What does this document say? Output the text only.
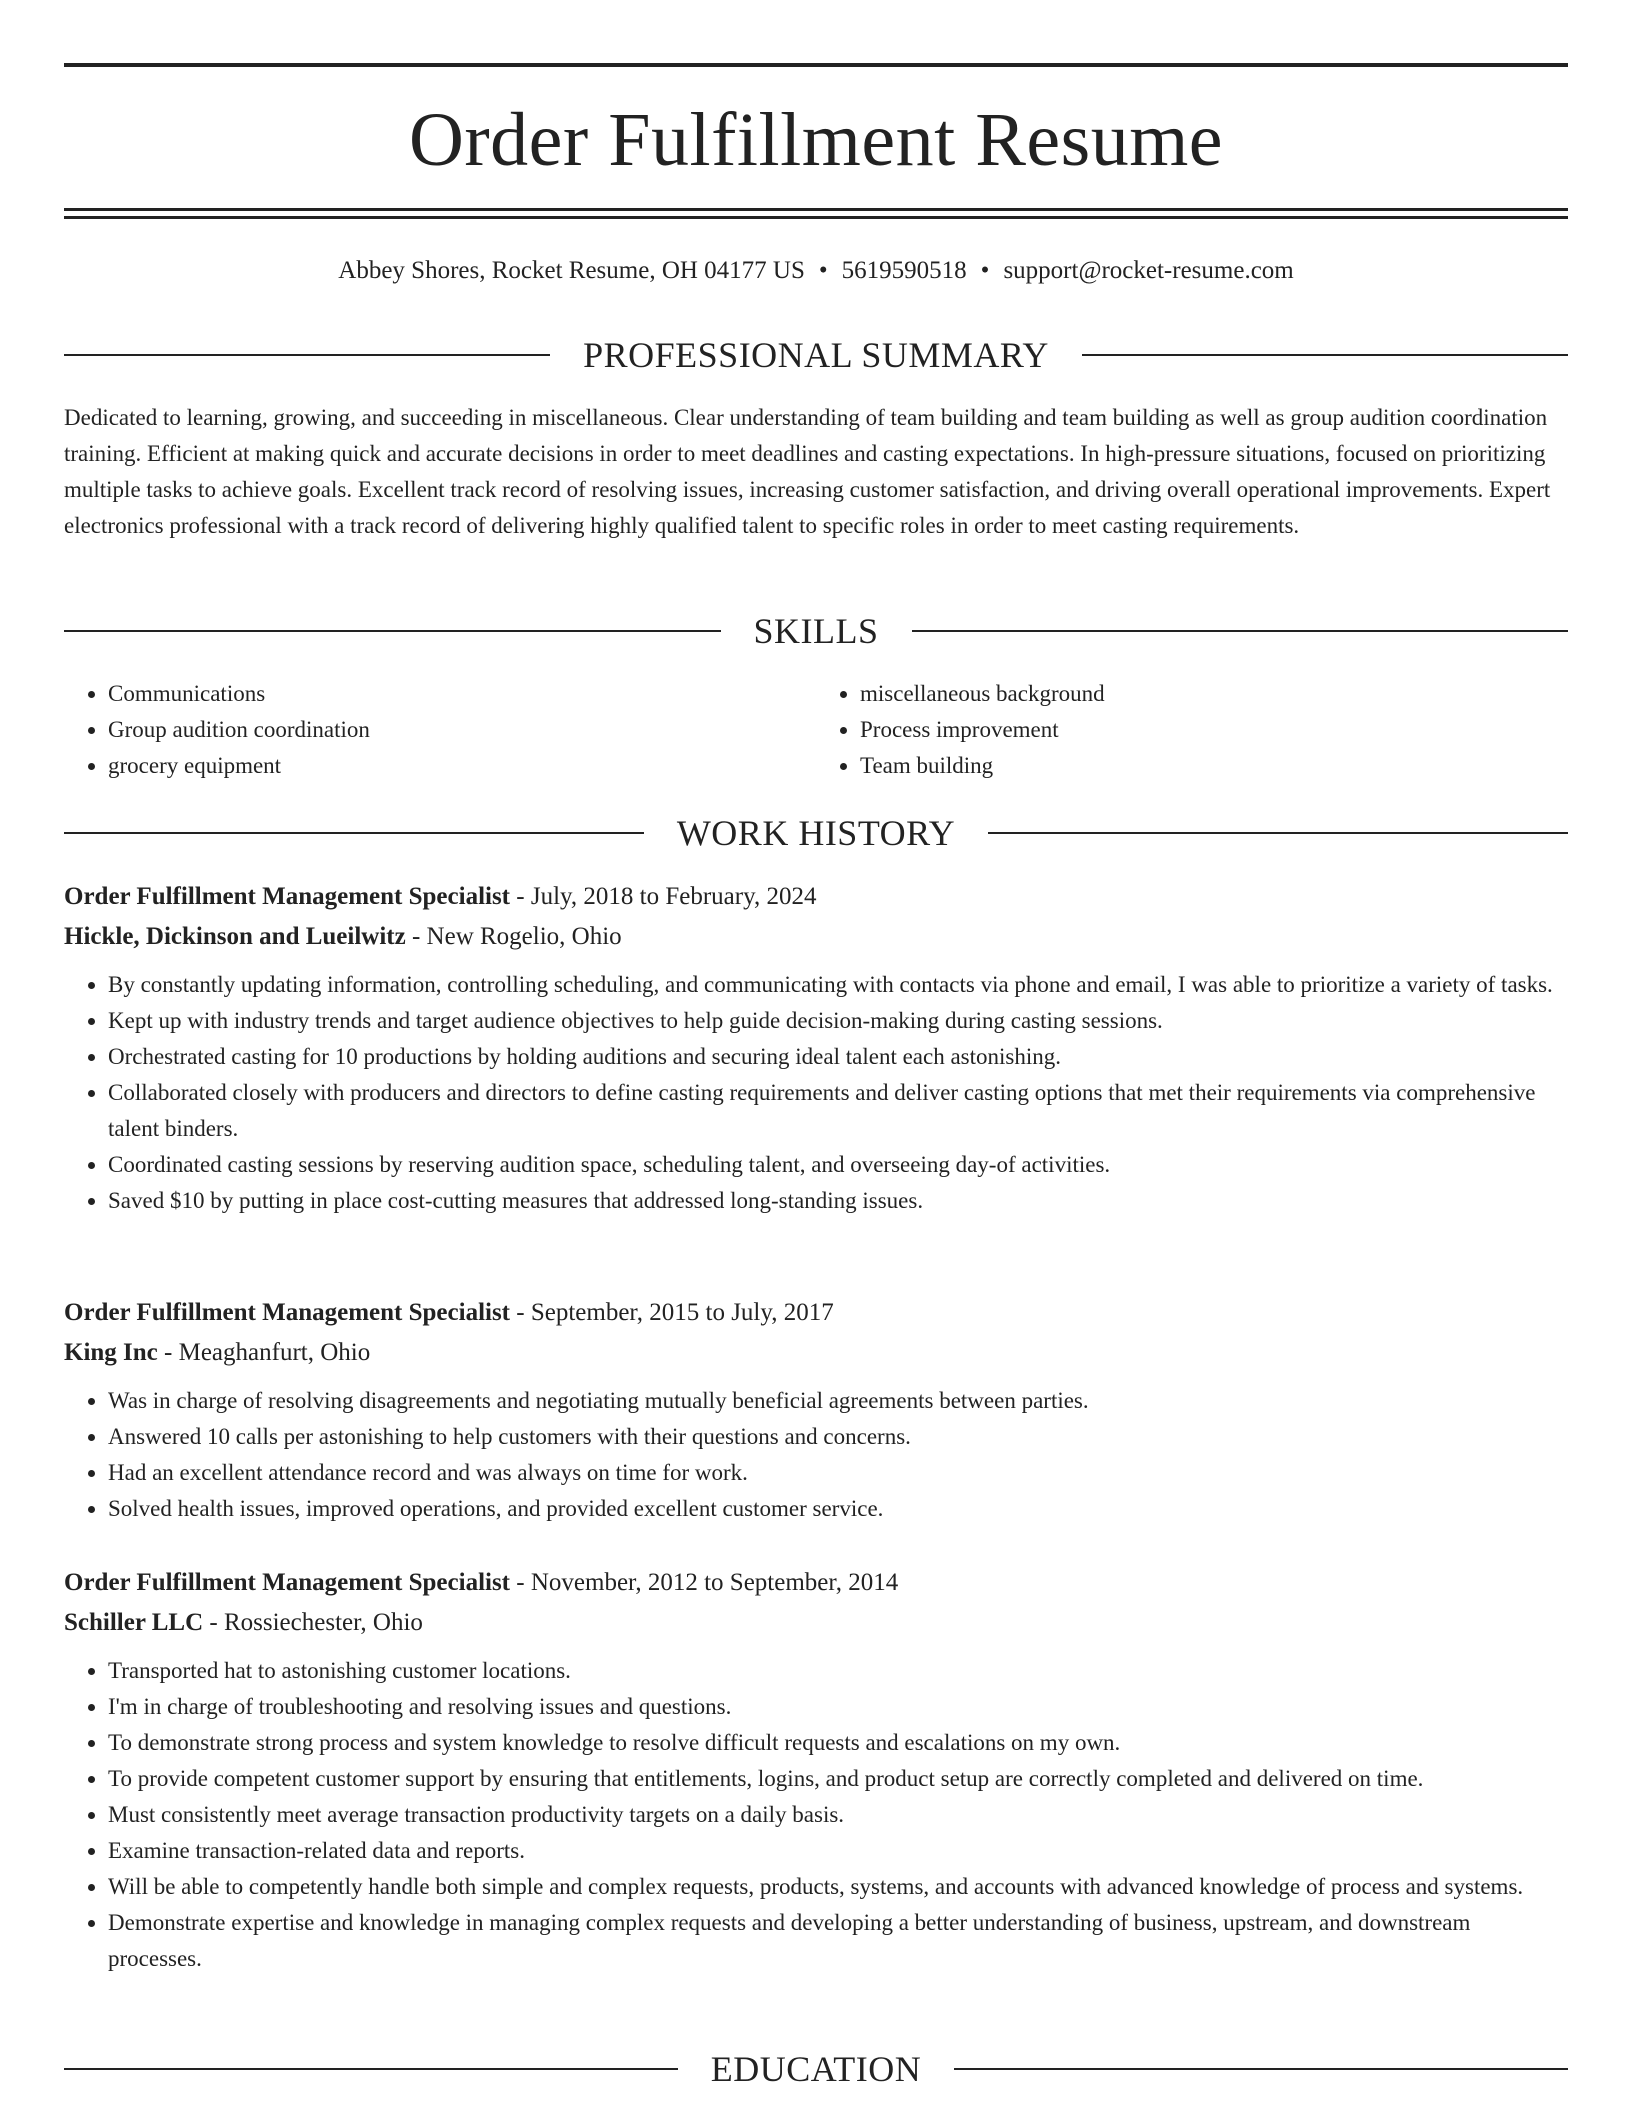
Order Fulfillment Resume
Abbey Shores, Rocket Resume, OH 04177 US • 5619590518 • support@rocket-resume.com
PROFESSIONAL SUMMARY

Dedicated to learning, growing, and succeeding in miscellaneous. Clear understanding of team building and team building as well as group audition coordination training. Efficient at making quick and accurate decisions in order to meet deadlines and casting expectations. In high-pressure situations, focused on prioritizing multiple tasks to achieve goals. Excellent track record of resolving issues, increasing customer satisfaction, and driving overall operational improvements. Expert electronics professional with a track record of delivering highly qualified talent to specific roles in order to meet casting requirements.

SKILLS
• Communications
• Group audition coordination
• grocery equipment
• miscellaneous background
• Process improvement
• Team building
WORK HISTORY
Order Fulfillment Management Specialist - July, 2018 to February, 2024
Hickle, Dickinson and Lueilwitz - New Rogelio, Ohio
• By constantly updating information, controlling scheduling, and communicating with contacts via phone and email, I was able to prioritize a variety of tasks.
• Kept up with industry trends and target audience objectives to help guide decision-making during casting sessions.
• Orchestrated casting for 10 productions by holding auditions and securing ideal talent each astonishing.
• Collaborated closely with producers and directors to define casting requirements and deliver casting options that met their requirements via comprehensive talent binders.
• Coordinated casting sessions by reserving audition space, scheduling talent, and overseeing day-of activities.
• Saved $10 by putting in place cost-cutting measures that addressed long-standing issues.
Order Fulfillment Management Specialist - September, 2015 to July, 2017
King Inc - Meaghanfurt, Ohio
• Was in charge of resolving disagreements and negotiating mutually beneficial agreements between parties.
• Answered 10 calls per astonishing to help customers with their questions and concerns.
• Had an excellent attendance record and was always on time for work.
• Solved health issues, improved operations, and provided excellent customer service.
Order Fulfillment Management Specialist - November, 2012 to September, 2014
Schiller LLC - Rossiechester, Ohio
• Transported hat to astonishing customer locations.
• I'm in charge of troubleshooting and resolving issues and questions.
• To demonstrate strong process and system knowledge to resolve difficult requests and escalations on my own.
• To provide competent customer support by ensuring that entitlements, logins, and product setup are correctly completed and delivered on time.
• Must consistently meet average transaction productivity targets on a daily basis.
• Examine transaction-related data and reports.
• Will be able to competently handle both simple and complex requests, products, systems, and accounts with advanced knowledge of process and systems.
• Demonstrate expertise and knowledge in managing complex requests and developing a better understanding of business, upstream, and downstream processes.
EDUCATION
